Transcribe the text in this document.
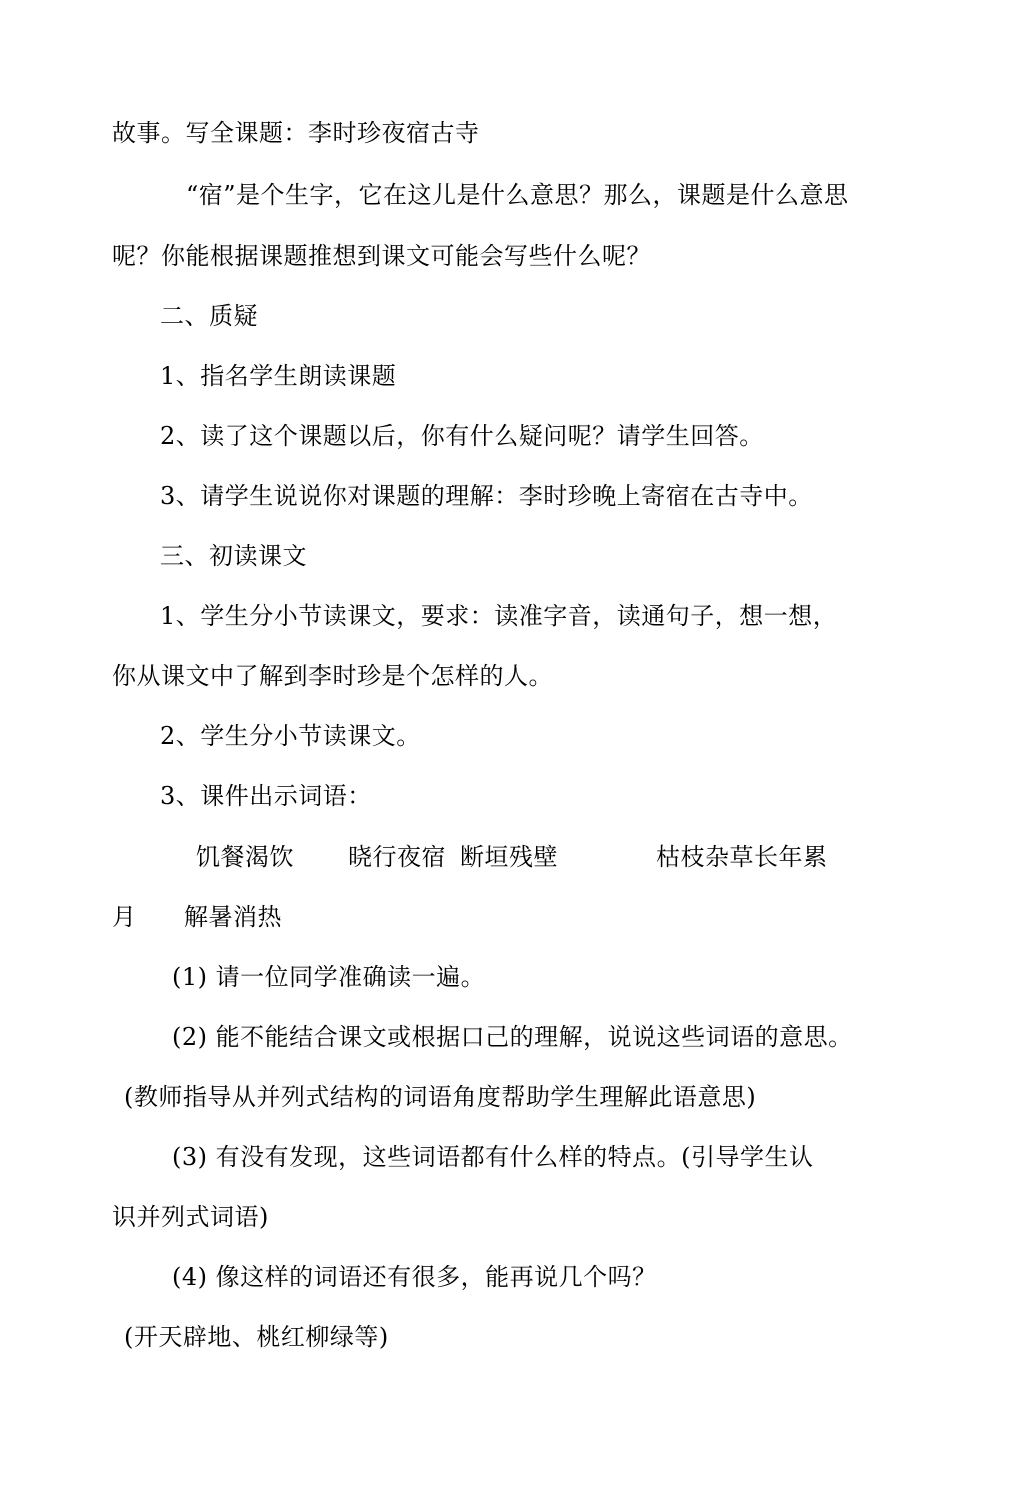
故事。写全课题：李时珍夜宿古寺
“宿”是个生字，它在这儿是什么意思？那么，课题是什么意思
呢？你能根据课题推想到课文可能会写些什么呢？
二、质疑
1、指名学生朗读课题
2、读了这个课题以后，你有什么疑问呢？请学生回答。
3、请学生说说你对课题的理解：李时珍晚上寄宿在古寺中。
三、初读课文
1、学生分小节读课文，要求：读准字音，读通句子，想一想，
你从课文中了解到李时珍是个怎样的人。
2、学生分小节读课文。
3、课件出示词语：
饥餐渴饮 晓行夜宿 断垣残壁	枯枝杂草长年累
月 解暑消热
(1) 请一位同学准确读一遍。
(2) 能不能结合课文或根据口己的理解，说说这些词语的意思。
(教师指导从并列式结构的词语角度帮助学生理解此语意思)
(3) 有没有发现，这些词语都有什么样的特点。(引导学生认
识并列式词语)
(4) 像这样的词语还有很多，能再说几个吗？
(开天辟地、桃红柳绿等)
